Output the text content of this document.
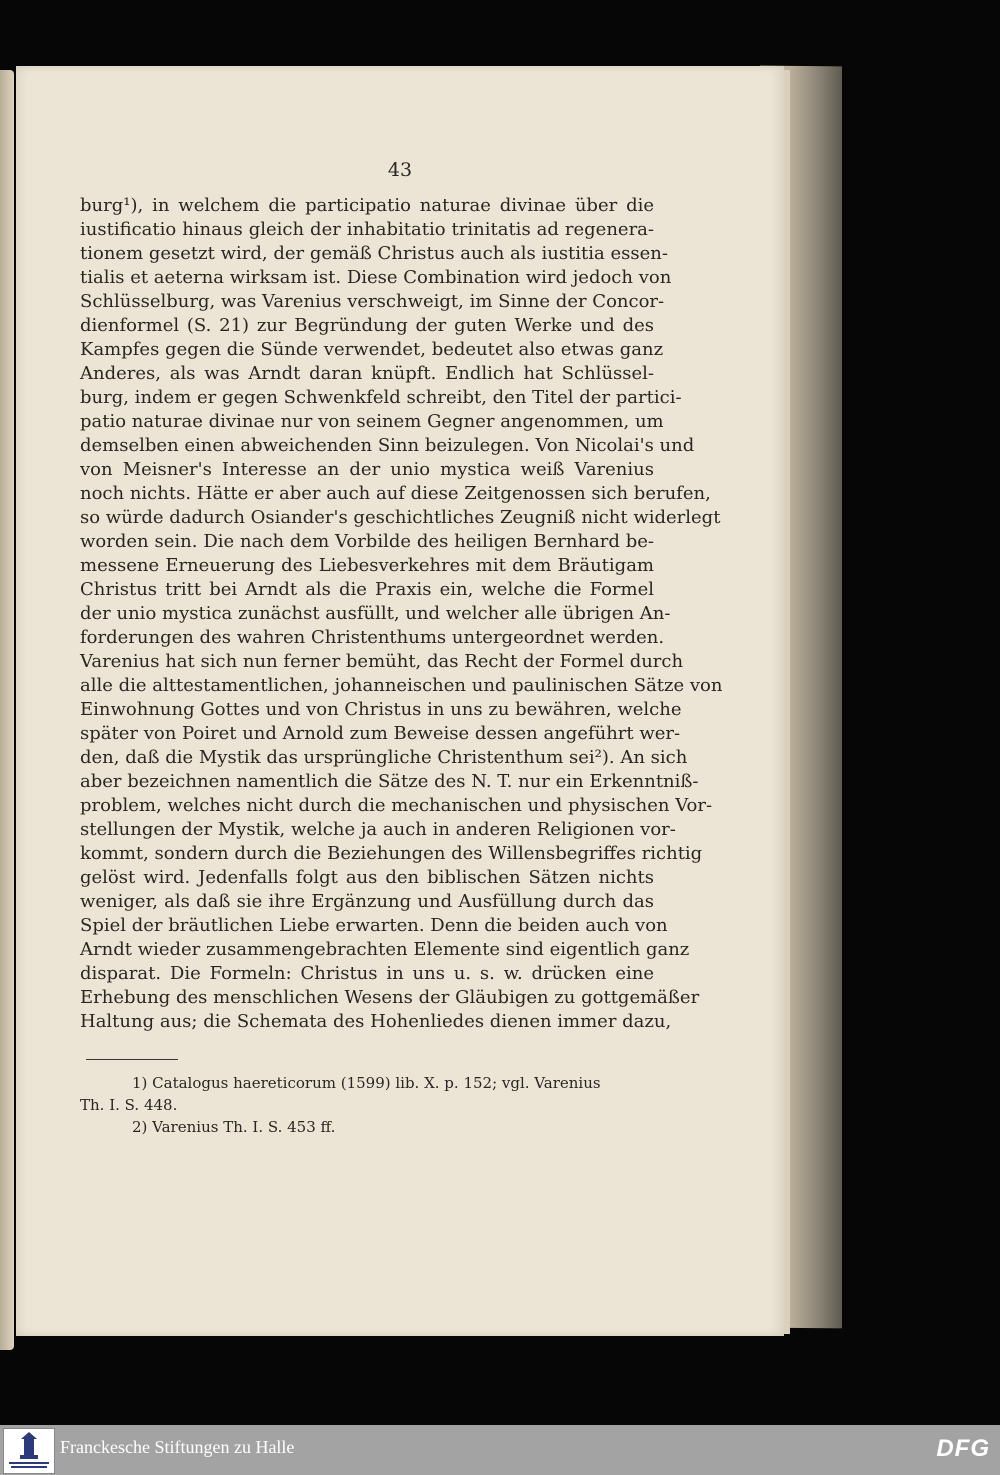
43
burg¹), in welchem die participatio naturae divinae über die
iustificatio hinaus gleich der inhabitatio trinitatis ad regenera-
tionem gesetzt wird, der gemäß Christus auch als iustitia essen-
tialis et aeterna wirksam ist. Diese Combination wird jedoch von
Schlüsselburg, was Varenius verschweigt, im Sinne der Concor-
dienformel (S. 21) zur Begründung der guten Werke und des
Kampfes gegen die Sünde verwendet, bedeutet also etwas ganz
Anderes, als was Arndt daran knüpft. Endlich hat Schlüssel-
burg, indem er gegen Schwenkfeld schreibt, den Titel der partici-
patio naturae divinae nur von seinem Gegner angenommen, um
demselben einen abweichenden Sinn beizulegen. Von Nicolai's und
von Meisner's Interesse an der unio mystica weiß Varenius
noch nichts. Hätte er aber auch auf diese Zeitgenossen sich berufen,
so würde dadurch Osiander's geschichtliches Zeugniß nicht widerlegt
worden sein. Die nach dem Vorbilde des heiligen Bernhard be-
messene Erneuerung des Liebesverkehres mit dem Bräutigam
Christus tritt bei Arndt als die Praxis ein, welche die Formel
der unio mystica zunächst ausfüllt, und welcher alle übrigen An-
forderungen des wahren Christenthums untergeordnet werden.
Varenius hat sich nun ferner bemüht, das Recht der Formel durch
alle die alttestamentlichen, johanneischen und paulinischen Sätze von
Einwohnung Gottes und von Christus in uns zu bewähren, welche
später von Poiret und Arnold zum Beweise dessen angeführt wer-
den, daß die Mystik das ursprüngliche Christenthum sei²). An sich
aber bezeichnen namentlich die Sätze des N. T. nur ein Erkenntniß-
problem, welches nicht durch die mechanischen und physischen Vor-
stellungen der Mystik, welche ja auch in anderen Religionen vor-
kommt, sondern durch die Beziehungen des Willensbegriffes richtig
gelöst wird. Jedenfalls folgt aus den biblischen Sätzen nichts
weniger, als daß sie ihre Ergänzung und Ausfüllung durch das
Spiel der bräutlichen Liebe erwarten. Denn die beiden auch von
Arndt wieder zusammengebrachten Elemente sind eigentlich ganz
disparat. Die Formeln: Christus in uns u. s. w. drücken eine
Erhebung des menschlichen Wesens der Gläubigen zu gottgemäßer
Haltung aus; die Schemata des Hohenliedes dienen immer dazu,
1) Catalogus haereticorum (1599) lib. X. p. 152; vgl. Varenius
Th. I. S. 448.
2) Varenius Th. I. S. 453 ff.
Franckesche Stiftungen zu Halle	DFG
